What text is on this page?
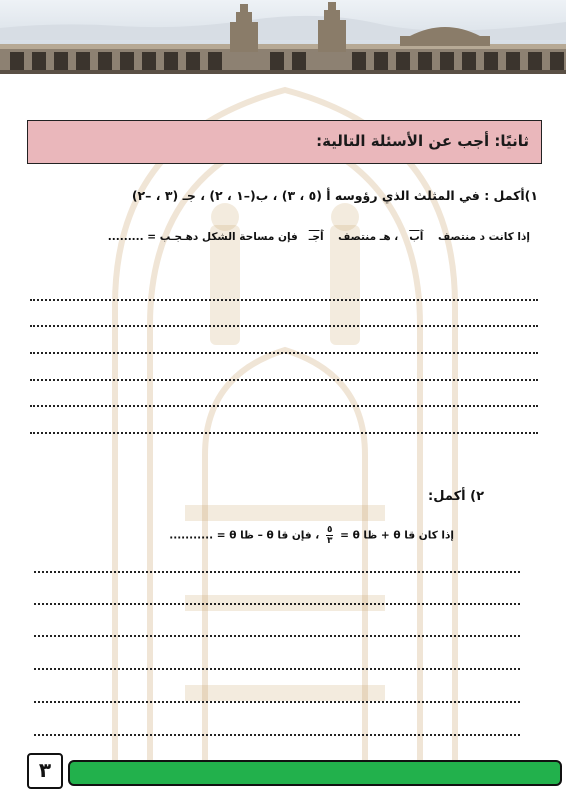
ثانيًا: أجب عن الأسئلة التالية:
١)أكمل : في المثلث الذي رؤوسه أ (٥ ، ٣) ، ب(–١ ، ٢) ، جـ (٣ ، –٢)
إذا كانت د منتصف    أب   ، هـ منتصف    أجـ   فإن مساحة الشكل دهـجـب = .........
٢) أكمل:
إذا كان قا θ + ظا θ =
$\frac{٥}{٣}$
، فإن قا θ – ظا θ = ...........
٣
